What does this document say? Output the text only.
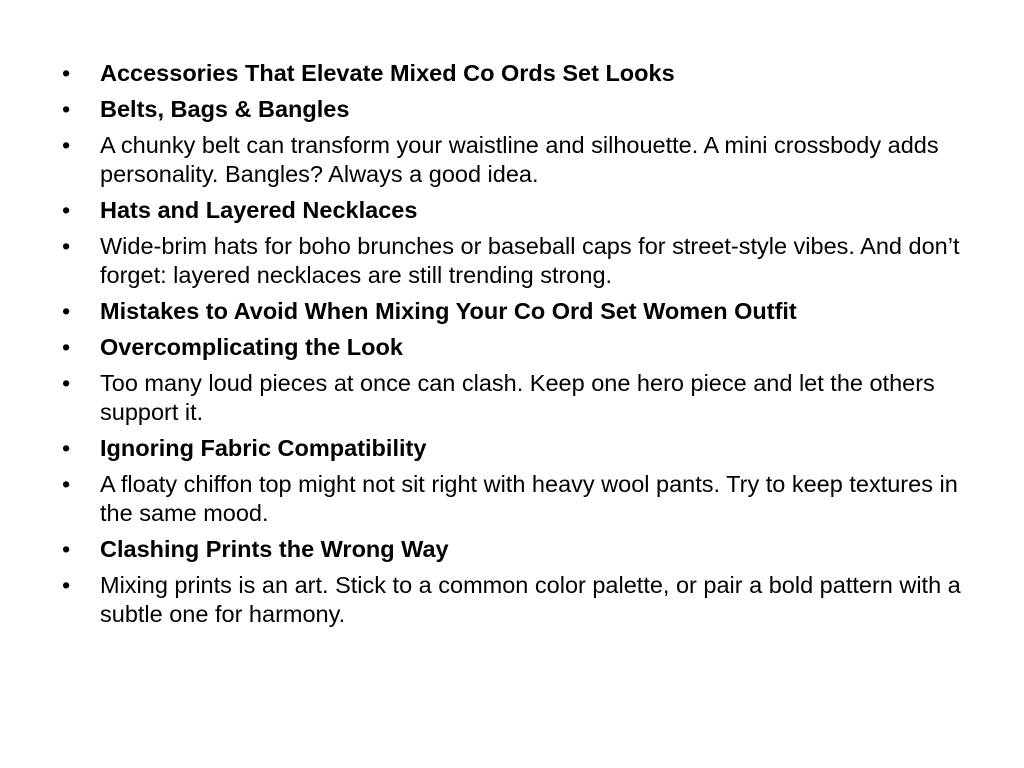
•	Accessories That Elevate Mixed Co Ords Set Looks
•	Belts, Bags & Bangles
•	A chunky belt can transform your waistline and silhouette. A mini crossbody adds personality. Bangles? Always a good idea.
•	Hats and Layered Necklaces
•	Wide-brim hats for boho brunches or baseball caps for street-style vibes. And don’t forget: layered necklaces are still trending strong.
•	Mistakes to Avoid When Mixing Your Co Ord Set Women Outfit
•	Overcomplicating the Look
•	Too many loud pieces at once can clash. Keep one hero piece and let the others support it.
•	Ignoring Fabric Compatibility
•	A floaty chiffon top might not sit right with heavy wool pants. Try to keep textures in the same mood.
•	Clashing Prints the Wrong Way
•	Mixing prints is an art. Stick to a common color palette, or pair a bold pattern with a subtle one for harmony.
